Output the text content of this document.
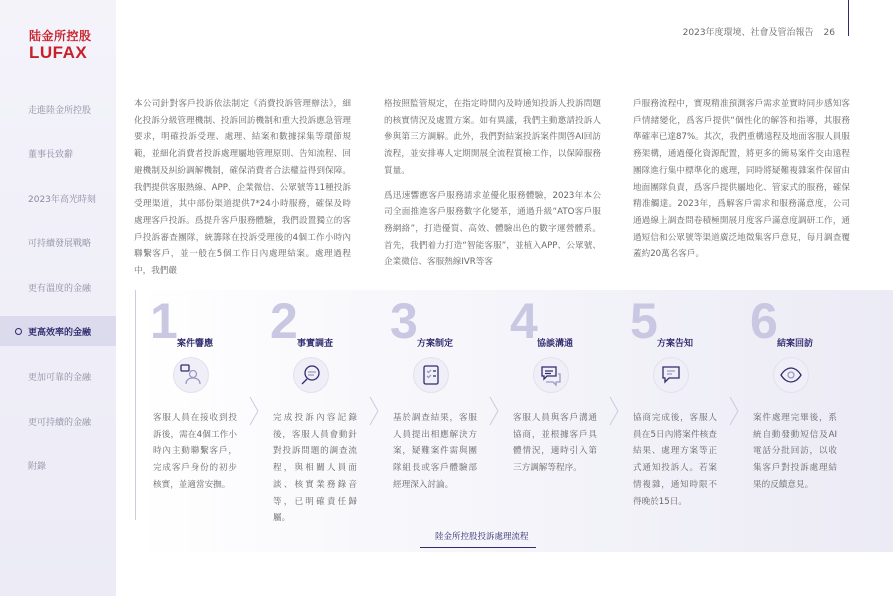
陆金所控股
LUFAX
走進陸金所控股
董事長致辭
2023年高光時刻
可持續發展戰略
更有溫度的金融
更高效率的金融
更加可靠的金融
更可持續的金融
附錄
2023年度環境、社會及管治報告 26

本公司針對客戶投訴依法制定《消費投訴管理辦法》，細化投訴分級管理機制、投訴回訪機制和重大投訴應急管理要求，明確投訴受理、處理、結案和數據採集等環節規範，並細化消費者投訴處理屬地管理原則、告知流程、回避機制及糾紛調解機制，確保消費者合法權益得到保障。我們提供客服熱線、APP、企業微信、公眾號等11種投訴受理渠道，其中部份渠道提供7*24小時服務，確保及時處理客戶投訴。爲提升客戶服務體驗，我們設置獨立的客戶投訴審查團隊，統籌隊在投訴受理後的4個工作小時內聯繫客戶，並一般在5個工作日內處理結案。處理過程中，我們嚴

格按照監管規定，在指定時間內及時通知投訴人投訴問題的核實情況及處置方案。如有異議，我們主動邀請投訴人參與第三方調解。此外，我們對結案投訴案件開啓AI回訪流程，並安排專人定期開展全流程質檢工作，以保障服務質量。

爲迅速響應客戶服務請求並優化服務體驗，2023年本公司全面推進客戶服務數字化變革，通過升級“ATO客戶服務網絡”，打造優質、高效、體驗出色的數字運營體系。首先，我們着力打造“智能客服”，並植入APP、公眾號、企業微信、客服熱線IVR等客

戶服務流程中，實現精准預測客戶需求並實時同步感知客戶情緒變化，爲客戶提供“個性化的解答和指導，其服務準確率已達87%。其次，我們重構遠程及地面客服人員服務架構，通過優化資源配置，將更多的簡易案件交由遠程團隊進行集中標準化的處理，同時將疑難複雜案件保留由地面團隊負責，爲客戶提供屬地化、管家式的服務，確保精准觸達。2023年，爲解客戶需求和服務滿意度，公司通過線上調查問卷積極開展月度客戶滿意度調研工作，通過短信和公眾號等渠道廣泛地徵集客戶意見，每月調查覆蓋約20萬名客戶。

1 案件響應
客服人員在接收到投訴後，需在4個工作小時內主動聯繫客戶，完成客戶身份的初步核實，並適當安撫。
2 事實調查
完成投訴內容記錄後，客服人員會動針對投訴問題的調查流程，與相關人員面談、核實業務錄音等，已明確責任歸屬。
3 方案制定
基於調查結果，客服人員提出相應解決方案，疑難案件需與團隊組長或客戶體驗部經理深入討論。
4 協談溝通
客服人員與客戶溝通協商，並根據客戶具體情況，適時引入第三方調解等程序。
5 方案告知
協商完成後，客服人員在5日內將案件核查結果、處理方案等正式通知投訴人。若案情複雜，通知時限不得晚於15日。
6 結案回訪
案件處理完畢後，系統自動發動短信及AI電話分批回訪，以收集客戶對投訴處理結果的反饋意見。
陸金所控股投訴處理流程
